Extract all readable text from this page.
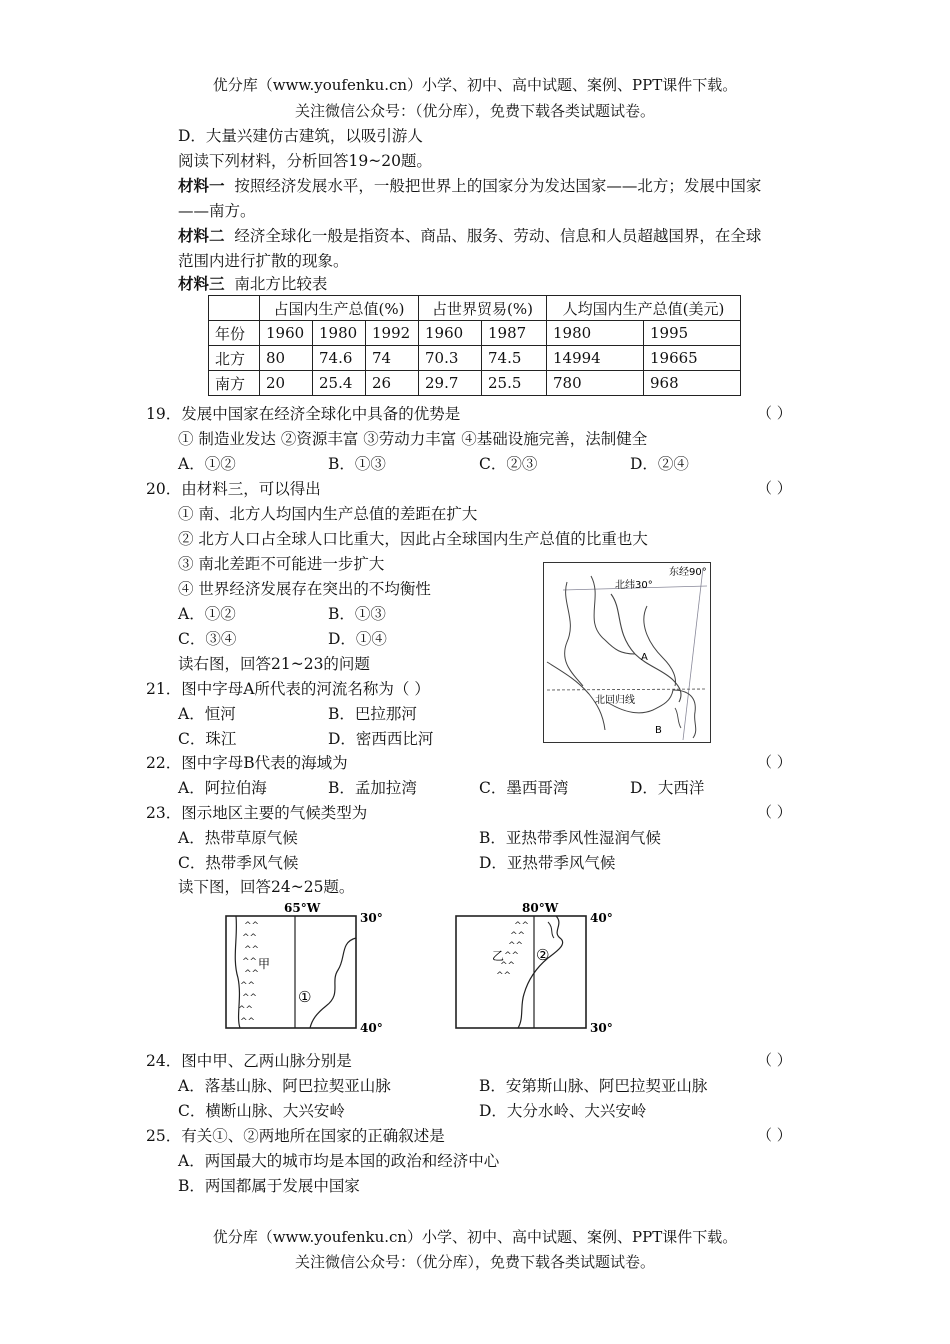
优分库（www.youfenku.cn）小学、初中、高中试题、案例、PPT课件下载。
关注微信公众号：（优分库），免费下载各类试题试卷。
D．大量兴建仿古建筑，以吸引游人
阅读下列材料，分析回答19~20题。
材料一 按照经济发展水平，一般把世界上的国家分为发达国家——北方；发展中国家
——南方。
材料二 经济全球化一般是指资本、商品、服务、劳动、信息和人员超越国界，在全球
范围内进行扩散的现象。
材料三 南北方比较表
	占国内生产总值(%)			占世界贸易(%)		人均国内生产总值(美元)	
年份	1960	1980	1992	1960	1987	1980	1995
北方	80	74.6	74	70.3	74.5	14994	19665
南方	20	25.4	26	29.7	25.5	780	968
19．发展中国家在经济全球化中具备的优势是	（ ）
① 制造业发达 ②资源丰富 ③劳动力丰富 ④基础设施完善，法制健全
A．①②	B．①③	C．②③	D．②④
20．由材料三，可以得出	（ ）
① 南、北方人均国内生产总值的差距在扩大
② 北方人口占全球人口比重大，因此占全球国内生产总值的比重也大
③ 南北差距不可能进一步扩大
④ 世界经济发展存在突出的不均衡性
A．①②	B．①③
C．③④	D．①④
东经90°
北纬30°
A
北回归线
B
读右图，回答21~23的问题
21．图中字母A所代表的河流名称为（ ）
A．恒河	B．巴拉那河
C．珠江	D．密西西比河
22．图中字母B代表的海域为	（ ）
A．阿拉伯海	B．孟加拉湾	C．墨西哥湾	D．大西洋
23．图示地区主要的气候类型为	（ ）
A．热带草原气候	B．亚热带季风性湿润气候
C．热带季风气候	D．亚热带季风气候
读下图，回答24~25题。
^^
^^
^^
^^
^^
^^
^^
^^
^^
65°W
30°
40°
甲
①
^^
^^
^^
^^
^^
^^
80°W
40°
30°
乙 ②
24．图中甲、乙两山脉分别是	（ ）
A．落基山脉、阿巴拉契亚山脉	B．安第斯山脉、阿巴拉契亚山脉
C．横断山脉、大兴安岭	D．大分水岭、大兴安岭
25．有关①、②两地所在国家的正确叙述是	（ ）
A．两国最大的城市均是本国的政治和经济中心
B．两国都属于发展中国家
优分库（www.youfenku.cn）小学、初中、高中试题、案例、PPT课件下载。
关注微信公众号：（优分库），免费下载各类试题试卷。
